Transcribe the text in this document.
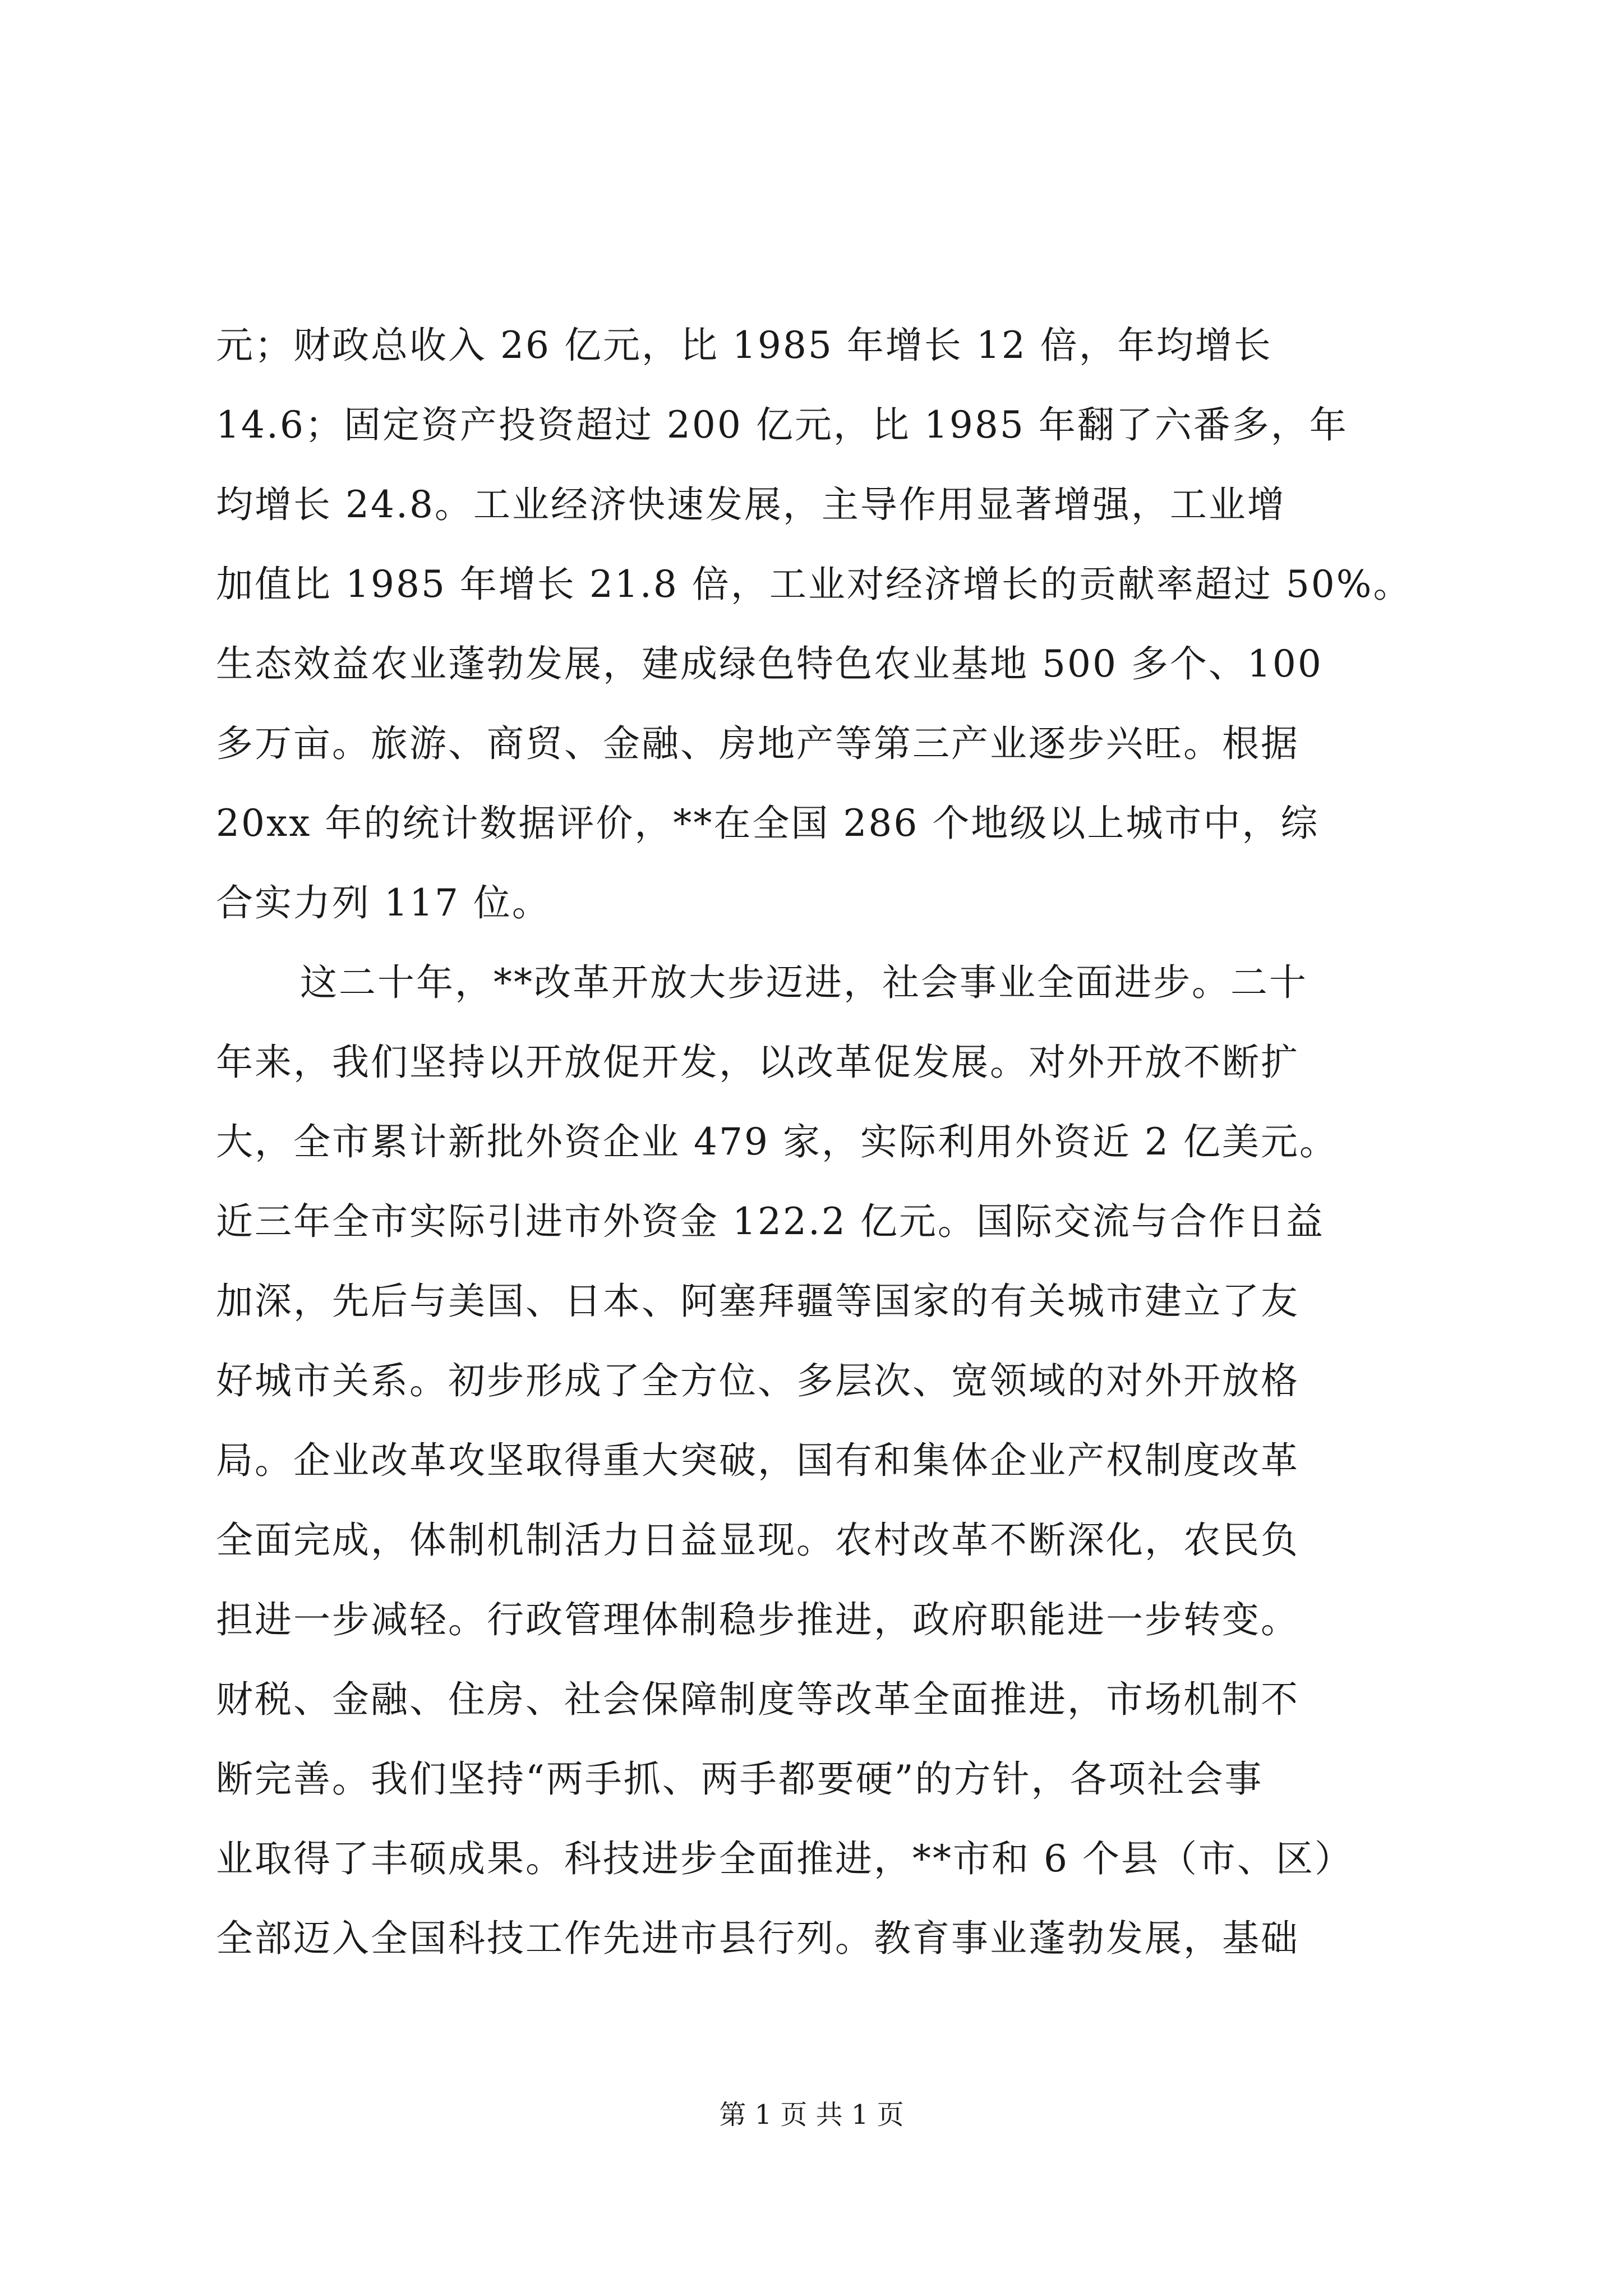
元；财政总收入 26 亿元，比 1985 年增长 12 倍，年均增长
14.6；固定资产投资超过 200 亿元，比 1985 年翻了六番多，年
均增长 24.8。工业经济快速发展，主导作用显著增强，工业增
加值比 1985 年增长 21.8 倍，工业对经济增长的贡献率超过 50%。
生态效益农业蓬勃发展，建成绿色特色农业基地 500 多个、100
多万亩。旅游、商贸、金融、房地产等第三产业逐步兴旺。根据
20xx 年的统计数据评价，**在全国 286 个地级以上城市中，综
合实力列 117 位。
这二十年，**改革开放大步迈进，社会事业全面进步。二十
年来，我们坚持以开放促开发，以改革促发展。对外开放不断扩
大，全市累计新批外资企业 479 家，实际利用外资近 2 亿美元。
近三年全市实际引进市外资金 122.2 亿元。国际交流与合作日益
加深，先后与美国、日本、阿塞拜疆等国家的有关城市建立了友
好城市关系。初步形成了全方位、多层次、宽领域的对外开放格
局。企业改革攻坚取得重大突破，国有和集体企业产权制度改革
全面完成，体制机制活力日益显现。农村改革不断深化，农民负
担进一步减轻。行政管理体制稳步推进，政府职能进一步转变。
财税、金融、住房、社会保障制度等改革全面推进，市场机制不
断完善。我们坚持“两手抓、两手都要硬”的方针，各项社会事
业取得了丰硕成果。科技进步全面推进，**市和 6 个县（市、区）
全部迈入全国科技工作先进市县行列。教育事业蓬勃发展，基础
第 1 页 共 1 页
